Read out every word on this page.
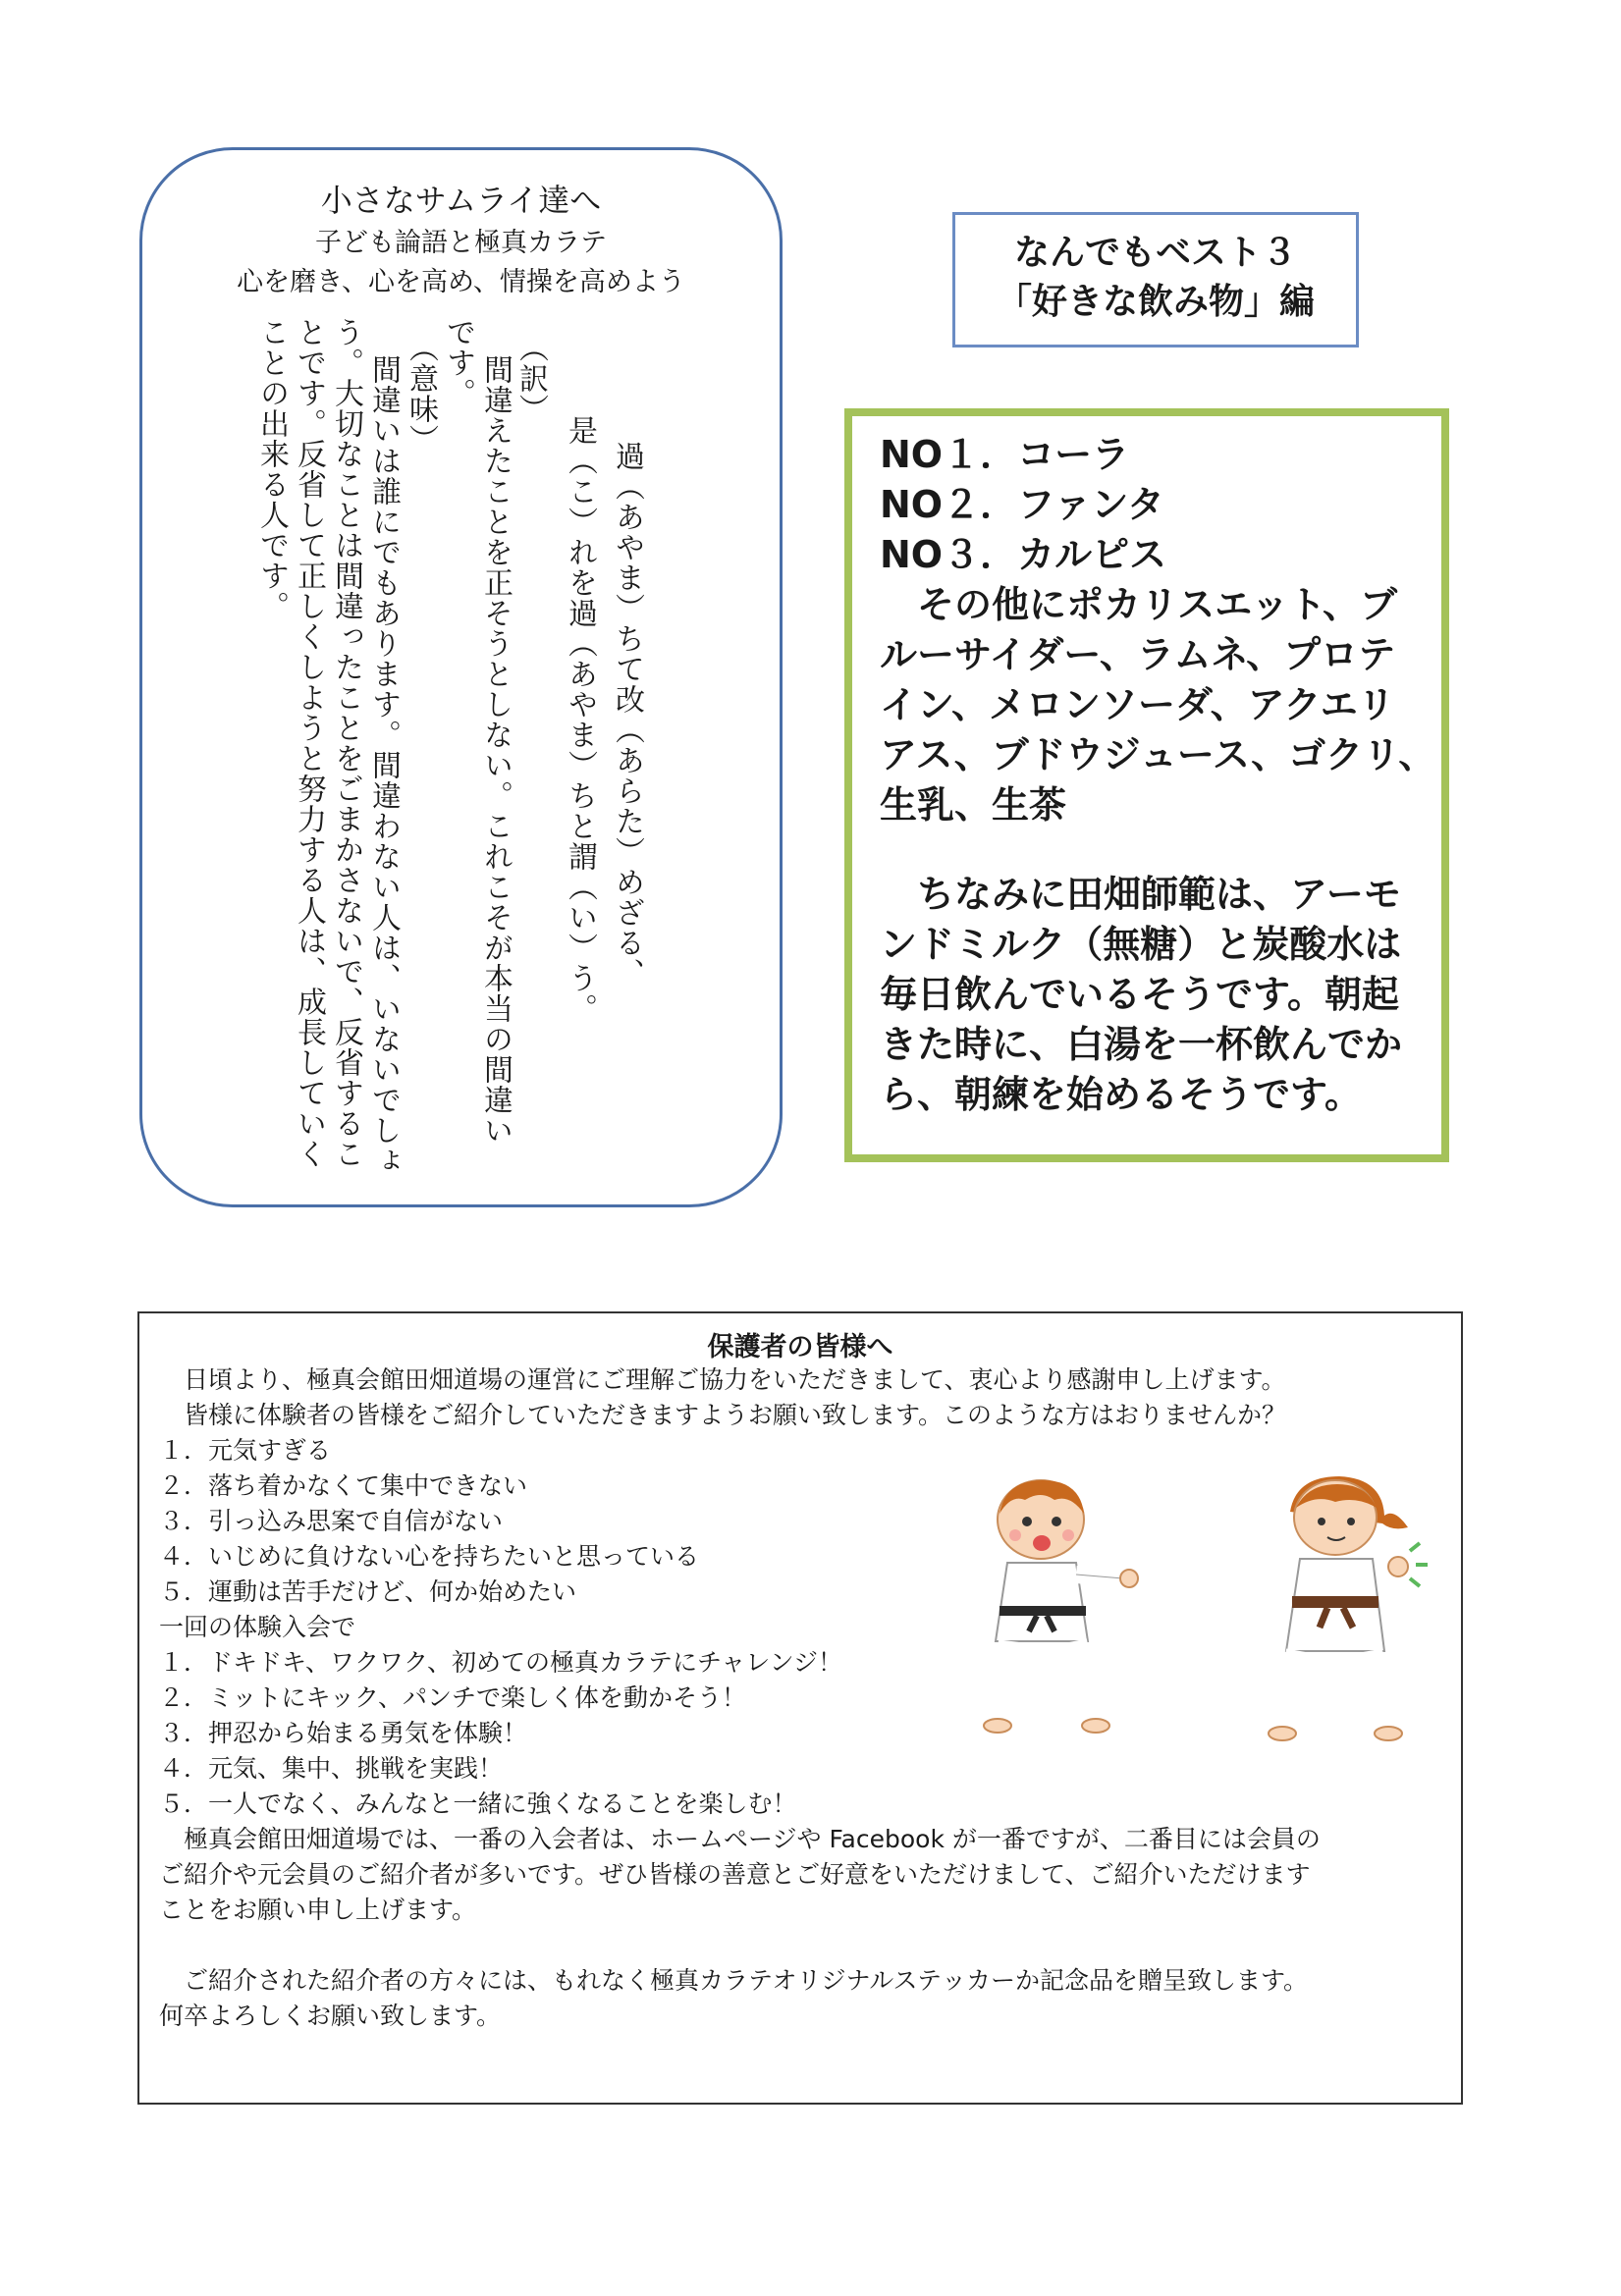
小さなサムライ達へ
子ども論語と極真カラテ
心を磨き、心を高め、情操を高めよう
過（あやま）ちて改（あらた）めざる、
是（こ）れを過（あやま）ちと謂（い）う。
（訳）
間違えたことを正そうとしない。これこそが本当の間違い
です。
（意味）
間違いは誰にでもあります。間違わない人は、いないでしょ
う。大切なことは間違ったことをごまかさないで、反省するこ
とです。反省して正しくしようと努力する人は、成長していく
ことの出来る人です。
なんでもベスト３
「好きな飲み物」編
NO１．コーラ
NO２．ファンタ
NO３．カルピス
　その他にポカリスエット、ブ
ルーサイダー、ラムネ、プロテ
イン、メロンソーダ、アクエリ
アス、ブドウジュース、ゴクリ、
生乳、生茶
　ちなみに田畑師範は、アーモ
ンドミルク（無糖）と炭酸水は
毎日飲んでいるそうです。朝起
きた時に、白湯を一杯飲んでか
ら、朝練を始めるそうです。
保護者の皆様へ
　日頃より、極真会館田畑道場の運営にご理解ご協力をいただきまして、衷心より感謝申し上げます。
　皆様に体験者の皆様をご紹介していただきますようお願い致します。このような方はおりませんか？
１．元気すぎる
２．落ち着かなくて集中できない
３．引っ込み思案で自信がない
４．いじめに負けない心を持ちたいと思っている
５．運動は苦手だけど、何か始めたい
一回の体験入会で
１．ドキドキ、ワクワク、初めての極真カラテにチャレンジ！
２．ミットにキック、パンチで楽しく体を動かそう！
３．押忍から始まる勇気を体験！
４．元気、集中、挑戦を実践！
５．一人でなく、みんなと一緒に強くなることを楽しむ！
　極真会館田畑道場では、一番の入会者は、ホームページや Facebook が一番ですが、二番目には会員の
ご紹介や元会員のご紹介者が多いです。ぜひ皆様の善意とご好意をいただけまして、ご紹介いただけます
ことをお願い申し上げます。
　ご紹介された紹介者の方々には、もれなく極真カラテオリジナルステッカーか記念品を贈呈致します。
何卒よろしくお願い致します。
